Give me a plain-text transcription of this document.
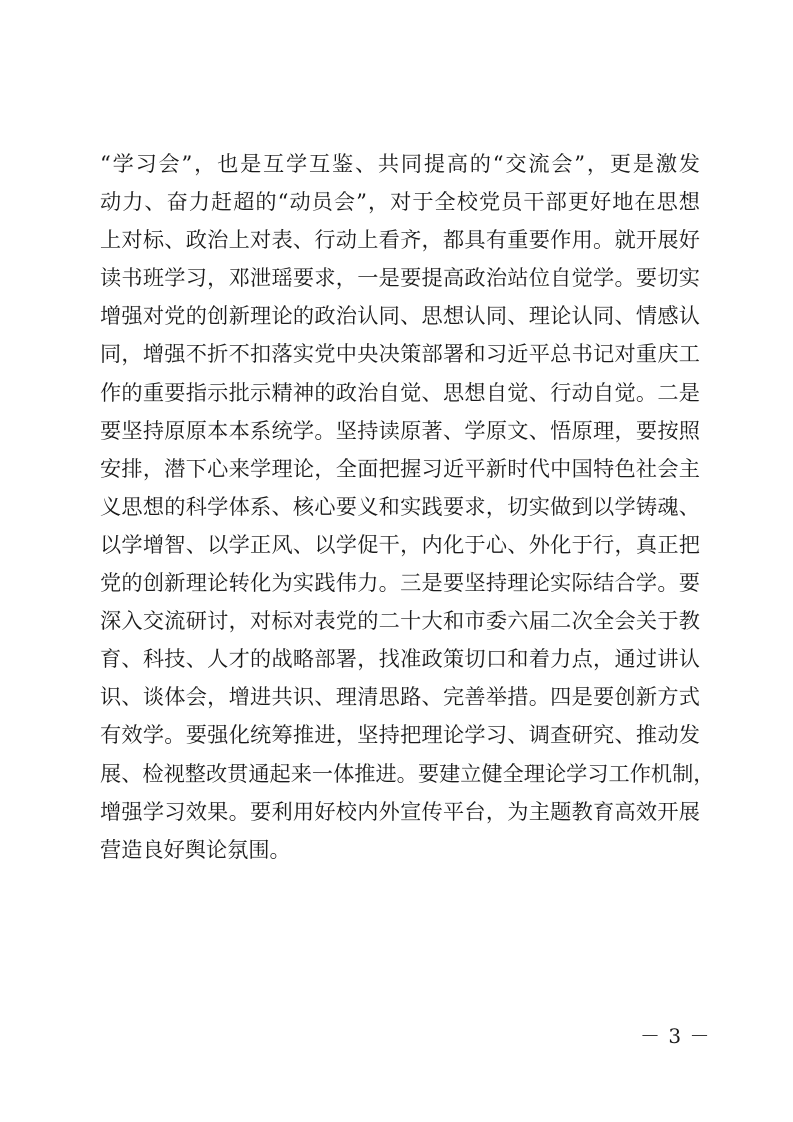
“学习会”，也是互学互鉴、共同提高的“交流会”，更是激发
动力、奋力赶超的“动员会”，对于全校党员干部更好地在思想
上对标、政治上对表、行动上看齐，都具有重要作用。就开展好
读书班学习，邓泄瑶要求，一是要提高政治站位自觉学。要切实
增强对党的创新理论的政治认同、思想认同、理论认同、情感认
同，增强不折不扣落实党中央决策部署和习近平总书记对重庆工
作的重要指示批示精神的政治自觉、思想自觉、行动自觉。二是
要坚持原原本本系统学。坚持读原著、学原文、悟原理，要按照
安排，潜下心来学理论，全面把握习近平新时代中国特色社会主
义思想的科学体系、核心要义和实践要求，切实做到以学铸魂、
以学增智、以学正风、以学促干，内化于心、外化于行，真正把
党的创新理论转化为实践伟力。三是要坚持理论实际结合学。要
深入交流研讨，对标对表党的二十大和市委六届二次全会关于教
育、科技、人才的战略部署，找准政策切口和着力点，通过讲认
识、谈体会，增进共识、理清思路、完善举措。四是要创新方式
有效学。要强化统筹推进，坚持把理论学习、调查研究、推动发
展、检视整改贯通起来一体推进。要建立健全理论学习工作机制，
增强学习效果。要利用好校内外宣传平台，为主题教育高效开展
营造良好舆论氛围。
－ 3 －
